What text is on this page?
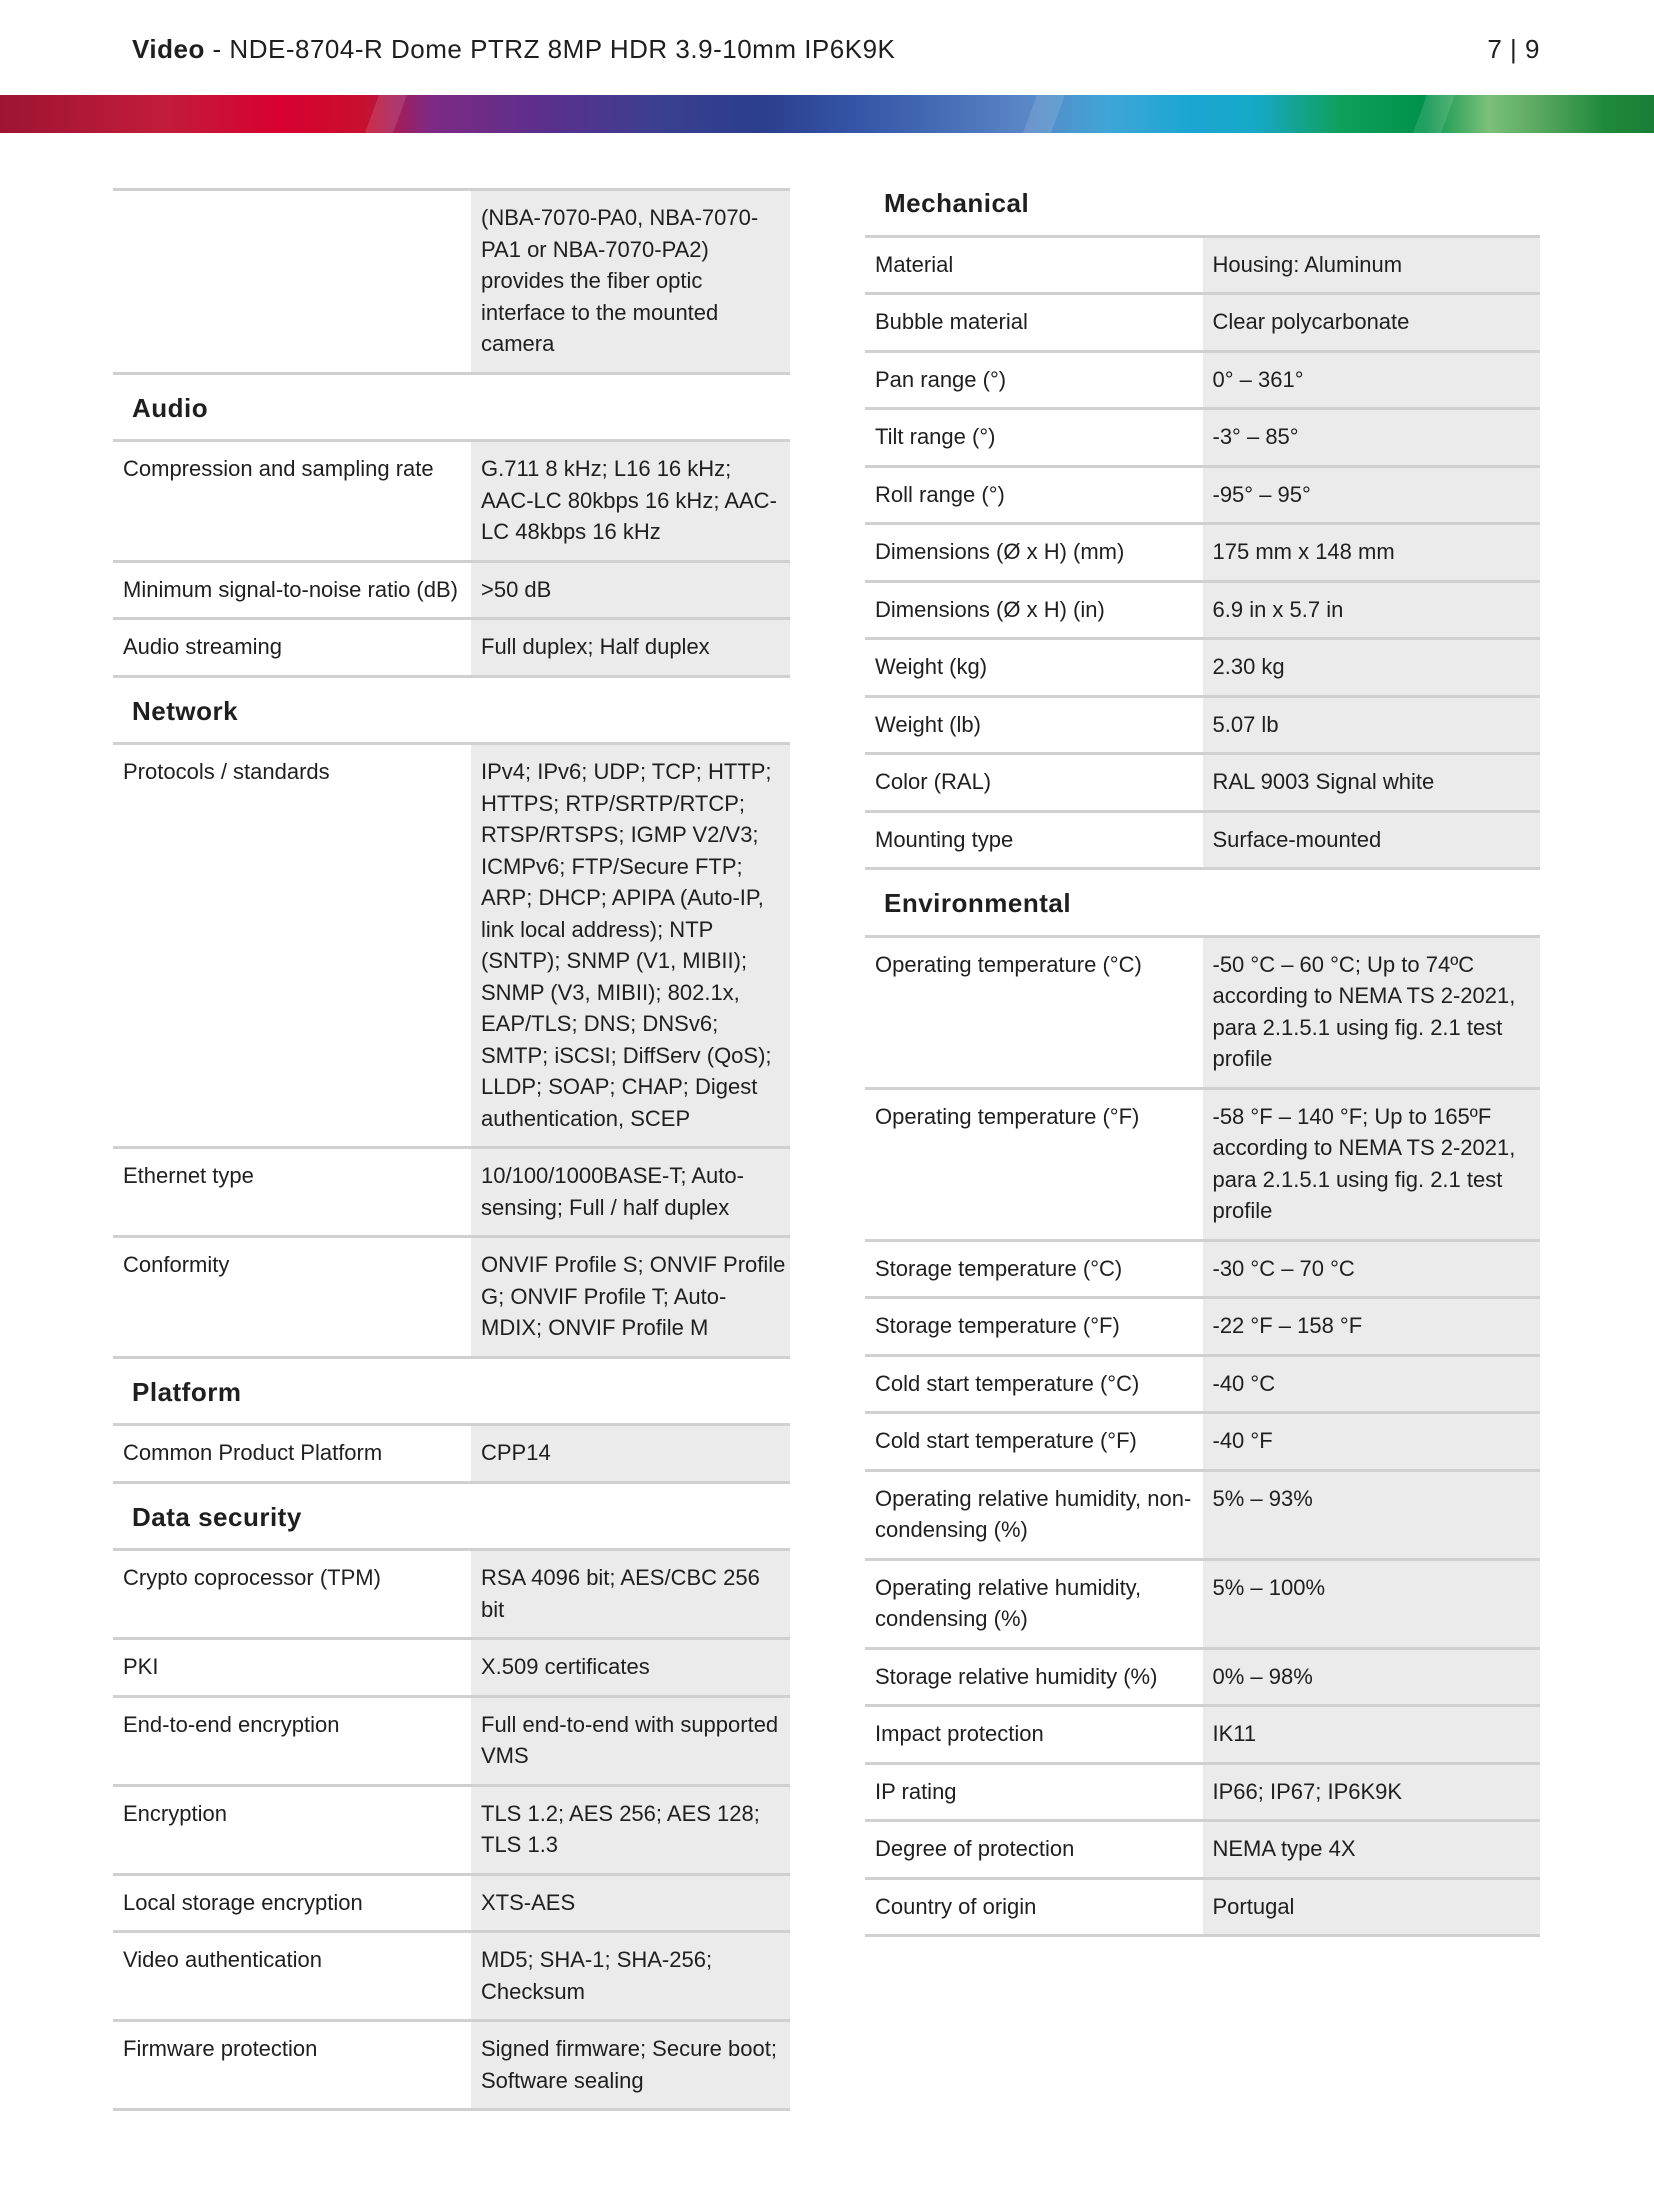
Video - NDE-8704-R Dome PTRZ 8MP HDR 3.9-10mm IP6K9K	7 | 9
	(NBA-7070-PA0, NBA-7070-PA1 or NBA-7070-PA2) provides the fiber optic interface to the mounted camera
Audio	
Compression and sampling rate	G.711 8 kHz; L16 16 kHz; AAC-LC 80kbps 16 kHz; AAC-LC 48kbps 16 kHz
Minimum signal-to-noise ratio (dB)	>50 dB
Audio streaming	Full duplex; Half duplex
Network	
Protocols / standards	IPv4; IPv6; UDP; TCP; HTTP; HTTPS; RTP/SRTP/RTCP; RTSP/RTSPS; IGMP V2/V3; ICMPv6; FTP/Secure FTP; ARP; DHCP; APIPA (Auto-IP, link local address); NTP (SNTP); SNMP (V1, MIBII); SNMP (V3, MIBII); 802.1x, EAP/TLS; DNS; DNSv6; SMTP; iSCSI; DiffServ (QoS); LLDP; SOAP; CHAP; Digest authentication, SCEP
Ethernet type	10/100/1000BASE-T; Auto-sensing; Full / half duplex
Conformity	ONVIF Profile S; ONVIF Profile G; ONVIF Profile T; Auto-MDIX; ONVIF Profile M
Platform	
Common Product Platform	CPP14
Data security	
Crypto coprocessor (TPM)	RSA 4096 bit; AES/CBC 256 bit
PKI	X.509 certificates
End-to-end encryption	Full end-to-end with supported VMS
Encryption	TLS 1.2; AES 256; AES 128; TLS 1.3
Local storage encryption	XTS-AES
Video authentication	MD5; SHA-1; SHA-256; Checksum
Firmware protection	Signed firmware; Secure boot; Software sealing
Mechanical	
Material	Housing: Aluminum
Bubble material	Clear polycarbonate
Pan range (°)	0° – 361°
Tilt range (°)	-3° – 85°
Roll range (°)	-95° – 95°
Dimensions (Ø x H) (mm)	175 mm x 148 mm
Dimensions (Ø x H) (in)	6.9 in x 5.7 in
Weight (kg)	2.30 kg
Weight (lb)	5.07 lb
Color (RAL)	RAL 9003 Signal white
Mounting type	Surface-mounted
Environmental	
Operating temperature (°C)	-50 °C – 60 °C; Up to 74ºC according to NEMA TS 2-2021, para 2.1.5.1 using fig. 2.1 test profile
Operating temperature (°F)	-58 °F – 140 °F; Up to 165ºF according to NEMA TS 2-2021, para 2.1.5.1 using fig. 2.1 test profile
Storage temperature (°C)	-30 °C – 70 °C
Storage temperature (°F)	-22 °F – 158 °F
Cold start temperature (°C)	-40 °C
Cold start temperature (°F)	-40 °F
Operating relative humidity, non-condensing (%)	5% – 93%
Operating relative humidity, condensing (%)	5% – 100%
Storage relative humidity (%)	0% – 98%
Impact protection	IK11
IP rating	IP66; IP67; IP6K9K
Degree of protection	NEMA type 4X
Country of origin	Portugal
